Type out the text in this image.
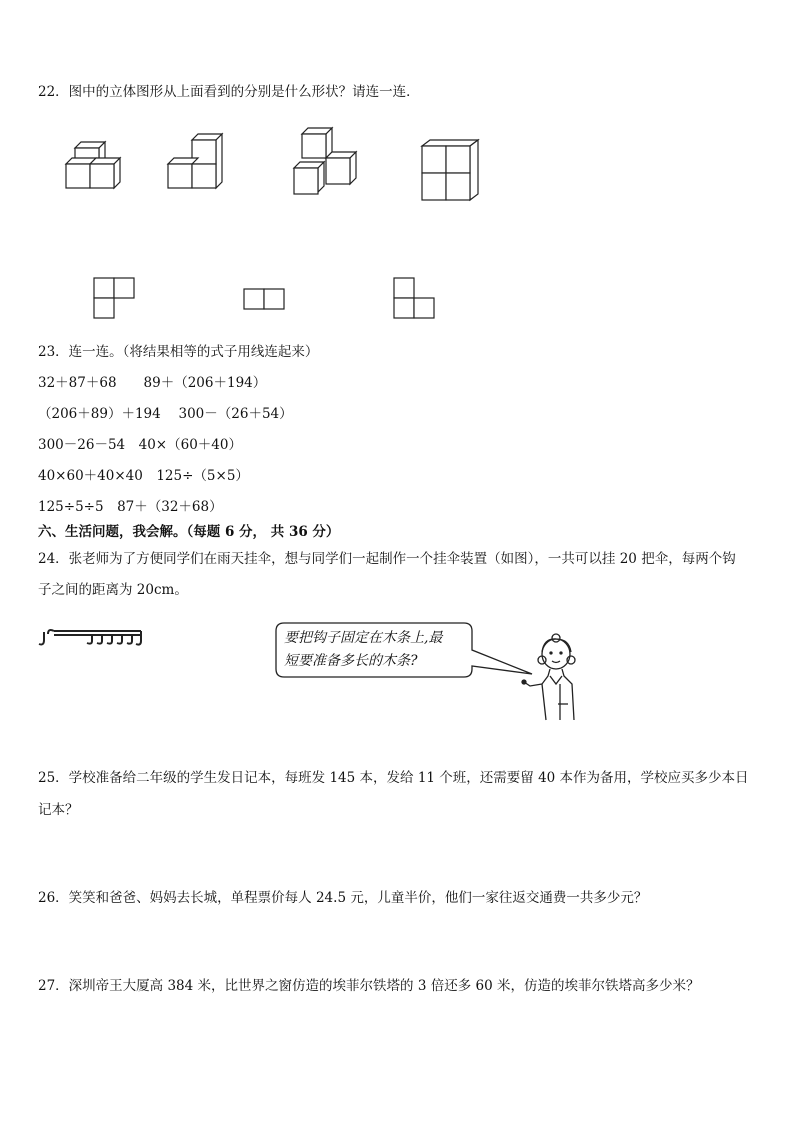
22．图中的立体图形从上面看到的分别是什么形状？请连一连．
23．连一连。（将结果相等的式子用线连起来）
32＋87＋68　　89＋（206＋194）
（206＋89）＋194　 300－（26＋54）
300－26－54　40×（60＋40）
40×60＋40×40　125÷（5×5）
125÷5÷5　87＋（32＋68）
六、生活问题，我会解。（每题 6 分， 共 36 分）
24．张老师为了方便同学们在雨天挂伞，想与同学们一起制作一个挂伞装置（如图），一共可以挂 20 把伞，每两个钩
子之间的距离为 20cm。
要把钩子固定在木条上,最
短要准备多长的木条?
25．学校准备给二年级的学生发日记本，每班发 145 本，发给 11 个班，还需要留 40 本作为备用，学校应买多少本日
记本？
26．笑笑和爸爸、妈妈去长城，单程票价每人 24.5 元，儿童半价，他们一家往返交通费一共多少元？
27．深圳帝王大厦高 384 米，比世界之窗仿造的埃菲尔铁塔的 3 倍还多 60 米，仿造的埃菲尔铁塔高多少米？
